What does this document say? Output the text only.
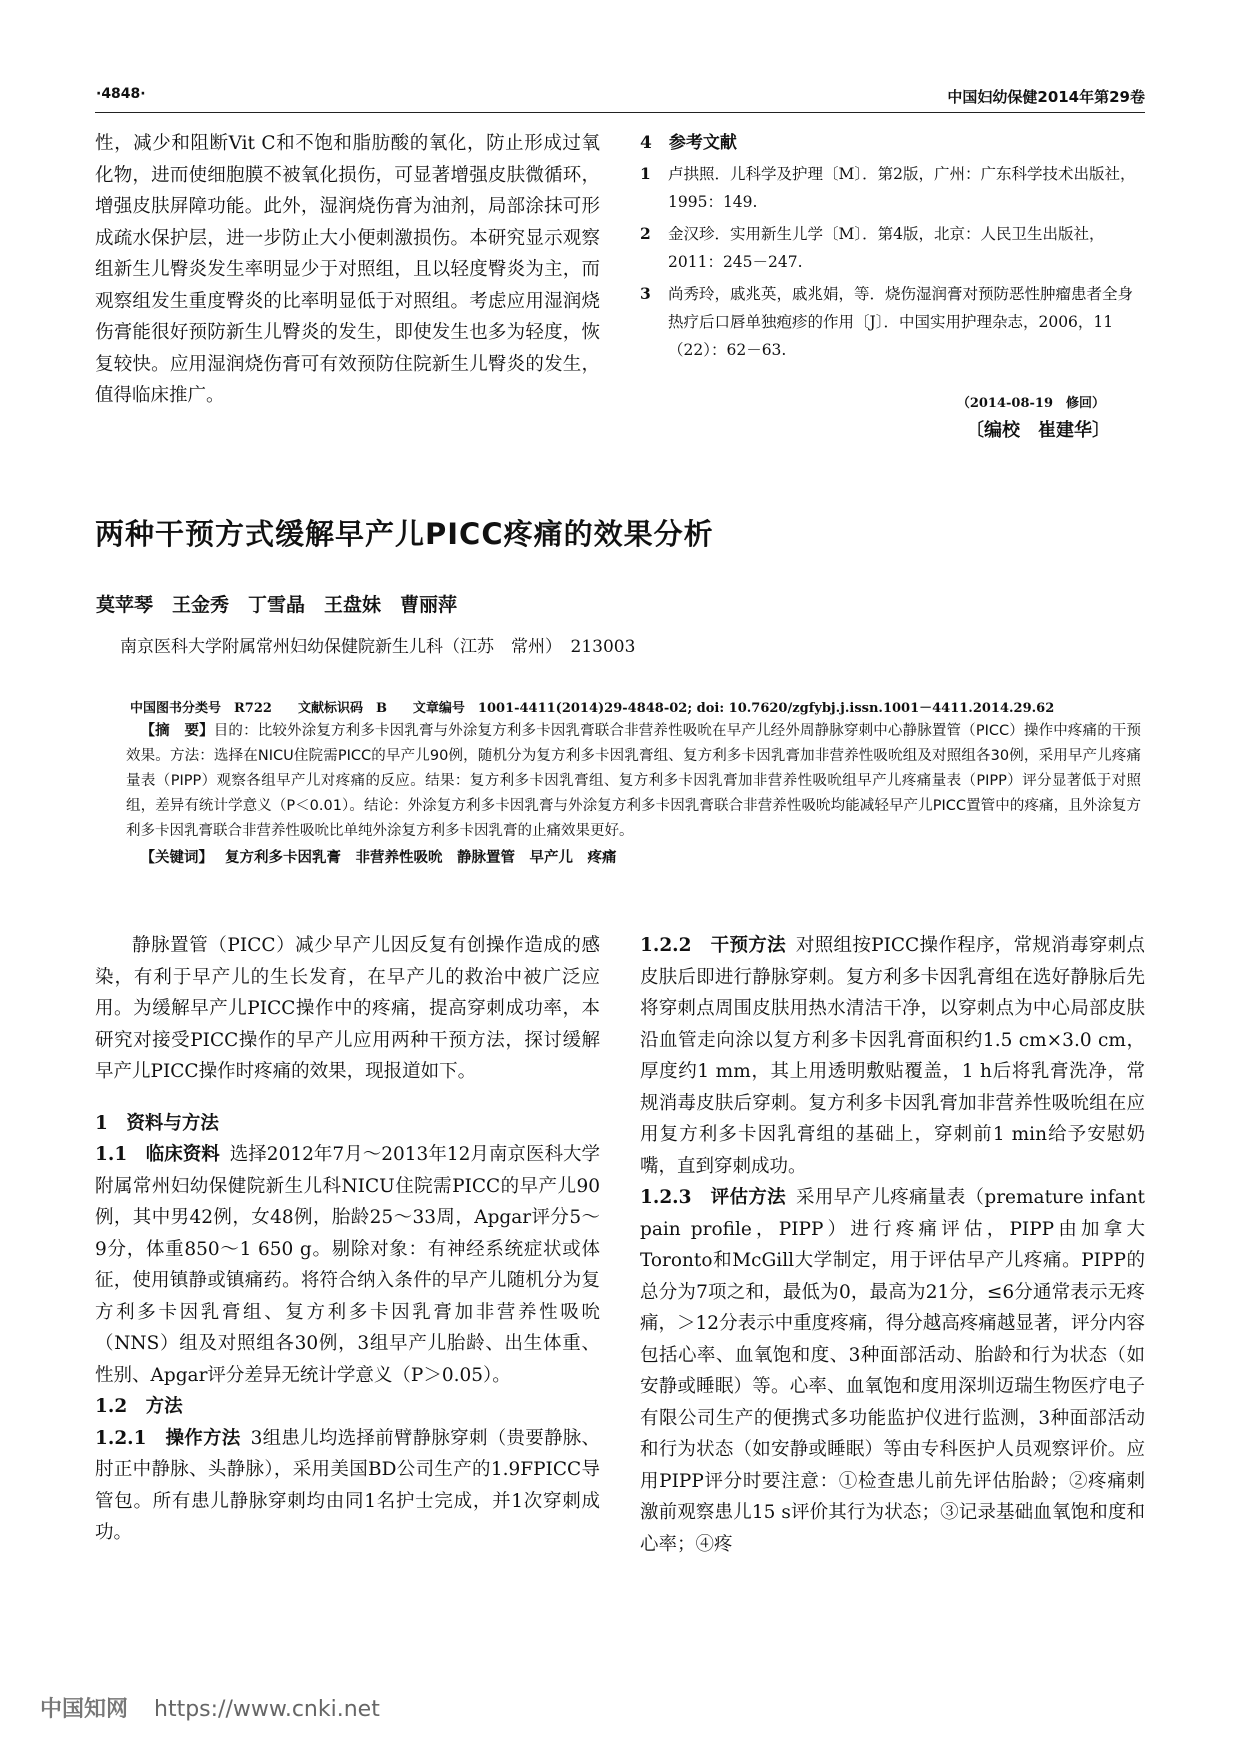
·4848·	中国妇幼保健2014年第29卷

性，减少和阻断Vit C和不饱和脂肪酸的氧化，防止形成过氧化物，进而使细胞膜不被氧化损伤，可显著增强皮肤微循环，增强皮肤屏障功能。此外，湿润烧伤膏为油剂，局部涂抹可形成疏水保护层，进一步防止大小便刺激损伤。本研究显示观察组新生儿臀炎发生率明显少于对照组，且以轻度臀炎为主，而观察组发生重度臀炎的比率明显低于对照组。考虑应用湿润烧伤膏能很好预防新生儿臀炎的发生，即使发生也多为轻度，恢复较快。应用湿润烧伤膏可有效预防住院新生儿臀炎的发生，值得临床推广。

4　参考文献

1 卢拱照．儿科学及护理〔M〕．第2版，广州：广东科学技术出版社，1995：149.
2 金汉珍．实用新生儿学〔M〕．第4版，北京：人民卫生出版社，2011：245－247.
3 尚秀玲，戚兆英，戚兆娟，等．烧伤湿润膏对预防恶性肿瘤患者全身热疗后口唇单独疱疹的作用〔J〕．中国实用护理杂志，2006，11（22）：62－63.
（2014-08-19　修回）
〔编校　崔建华〕
两种干预方式缓解早产儿PICC疼痛的效果分析
莫苹琴　王金秀　丁雪晶　王盘妹　曹丽萍
南京医科大学附属常州妇幼保健院新生儿科（江苏　常州）　213003
中国图书分类号　R722　　文献标识码　B　　文章编号　1001-4411(2014)29-4848-02; doi: 10.7620/zgfybj.j.issn.1001－4411.2014.29.62

【摘　要】目的：比较外涂复方利多卡因乳膏与外涂复方利多卡因乳膏联合非营养性吸吮在早产儿经外周静脉穿刺中心静脉置管（PICC）操作中疼痛的干预效果。方法：选择在NICU住院需PICC的早产儿90例，随机分为复方利多卡因乳膏组、复方利多卡因乳膏加非营养性吸吮组及对照组各30例，采用早产儿疼痛量表（PIPP）观察各组早产儿对疼痛的反应。结果：复方利多卡因乳膏组、复方利多卡因乳膏加非营养性吸吮组早产儿疼痛量表（PIPP）评分显著低于对照组，差异有统计学意义（P＜0.01）。结论：外涂复方利多卡因乳膏与外涂复方利多卡因乳膏联合非营养性吸吮均能减轻早产儿PICC置管中的疼痛，且外涂复方利多卡因乳膏联合非营养性吸吮比单纯外涂复方利多卡因乳膏的止痛效果更好。

【关键词】 复方利多卡因乳膏　非营养性吸吮　静脉置管　早产儿　疼痛

静脉置管（PICC）减少早产儿因反复有创操作造成的感染，有利于早产儿的生长发育，在早产儿的救治中被广泛应用。为缓解早产儿PICC操作中的疼痛，提高穿刺成功率，本研究对接受PICC操作的早产儿应用两种干预方法，探讨缓解早产儿PICC操作时疼痛的效果，现报道如下。

1　资料与方法

1.1　临床资料 选择2012年7月～2013年12月南京医科大学附属常州妇幼保健院新生儿科NICU住院需PICC的早产儿90例，其中男42例，女48例，胎龄25～33周，Apgar评分5～9分，体重850～1 650 g。剔除对象：有神经系统症状或体征，使用镇静或镇痛药。将符合纳入条件的早产儿随机分为复方利多卡因乳膏组、复方利多卡因乳膏加非营养性吸吮（NNS）组及对照组各30例，3组早产儿胎龄、出生体重、性别、Apgar评分差异无统计学意义（P＞0.05）。

1.2　方法

1.2.1　操作方法 3组患儿均选择前臂静脉穿刺（贵要静脉、肘正中静脉、头静脉），采用美国BD公司生产的1.9FPICC导管包。所有患儿静脉穿刺均由同1名护士完成，并1次穿刺成功。

1.2.2　干预方法 对照组按PICC操作程序，常规消毒穿刺点皮肤后即进行静脉穿刺。复方利多卡因乳膏组在选好静脉后先将穿刺点周围皮肤用热水清洁干净，以穿刺点为中心局部皮肤沿血管走向涂以复方利多卡因乳膏面积约1.5 cm×3.0 cm，厚度约1 mm，其上用透明敷贴覆盖，1 h后将乳膏洗净，常规消毒皮肤后穿刺。复方利多卡因乳膏加非营养性吸吮组在应用复方利多卡因乳膏组的基础上，穿刺前1 min给予安慰奶嘴，直到穿刺成功。

1.2.3　评估方法 采用早产儿疼痛量表（premature infant pain profile，PIPP）进行疼痛评估，PIPP由加拿大Toronto和McGill大学制定，用于评估早产儿疼痛。PIPP的总分为7项之和，最低为0，最高为21分，≤6分通常表示无疼痛，＞12分表示中重度疼痛，得分越高疼痛越显著，评分内容包括心率、血氧饱和度、3种面部活动、胎龄和行为状态（如安静或睡眠）等。心率、血氧饱和度用深圳迈瑞生物医疗电子有限公司生产的便携式多功能监护仪进行监测，3种面部活动和行为状态（如安静或睡眠）等由专科医护人员观察评价。应用PIPP评分时要注意：①检查患儿前先评估胎龄；②疼痛刺激前观察患儿15 s评价其行为状态；③记录基础血氧饱和度和心率；④疼

中国知网 https://www.cnki.net
